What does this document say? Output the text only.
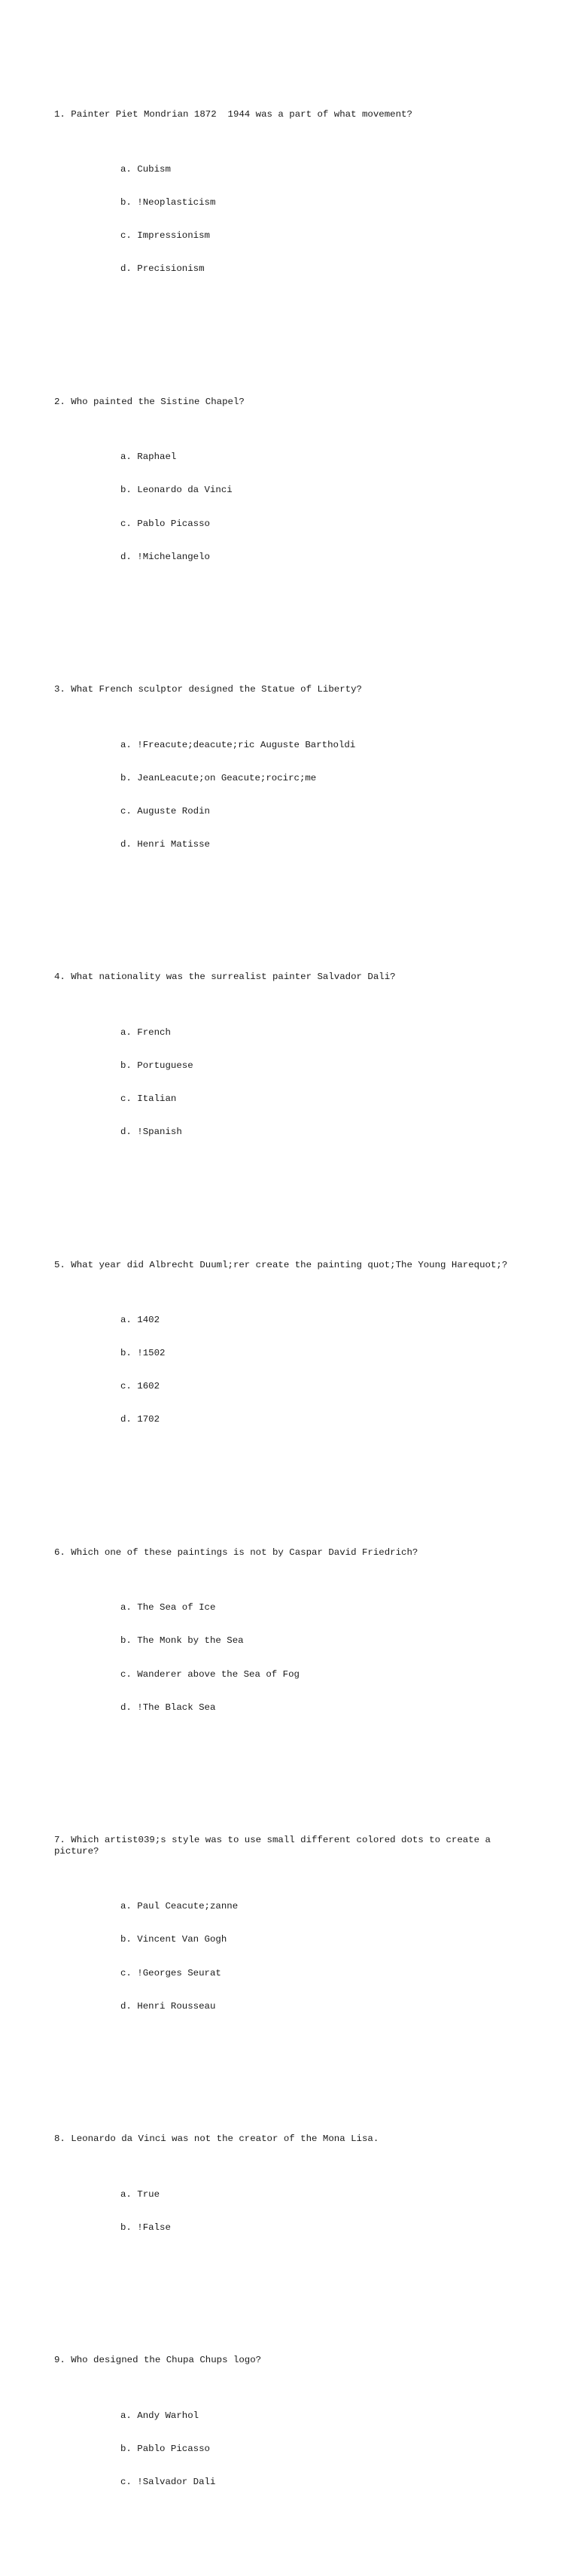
1. Painter Piet Mondrian 1872  1944 was a part of what movement?

a. Cubism

b. !Neoplasticism

c. Impressionism

d. Precisionism

2. Who painted the Sistine Chapel?

a. Raphael

b. Leonardo da Vinci

c. Pablo Picasso

d. !Michelangelo

3. What French sculptor designed the Statue of Liberty?

a. !Freacute;deacute;ric Auguste Bartholdi

b. JeanLeacute;on Geacute;rocirc;me

c. Auguste Rodin

d. Henri Matisse

4. What nationality was the surrealist painter Salvador Dali?

a. French

b. Portuguese

c. Italian

d. !Spanish

5. What year did Albrecht Duuml;rer create the painting quot;The Young Harequot;?

a. 1402

b. !1502

c. 1602

d. 1702

6. Which one of these paintings is not by Caspar David Friedrich?

a. The Sea of Ice

b. The Monk by the Sea

c. Wanderer above the Sea of Fog

d. !The Black Sea

7. Which artist039;s style was to use small different colored dots to create a picture?

a. Paul Ceacute;zanne

b. Vincent Van Gogh

c. !Georges Seurat

d. Henri Rousseau

8. Leonardo da Vinci was not the creator of the Mona Lisa.

a. True

b. !False

9. Who designed the Chupa Chups logo?

a. Andy Warhol

b. Pablo Picasso

c. !Salvador Dali
